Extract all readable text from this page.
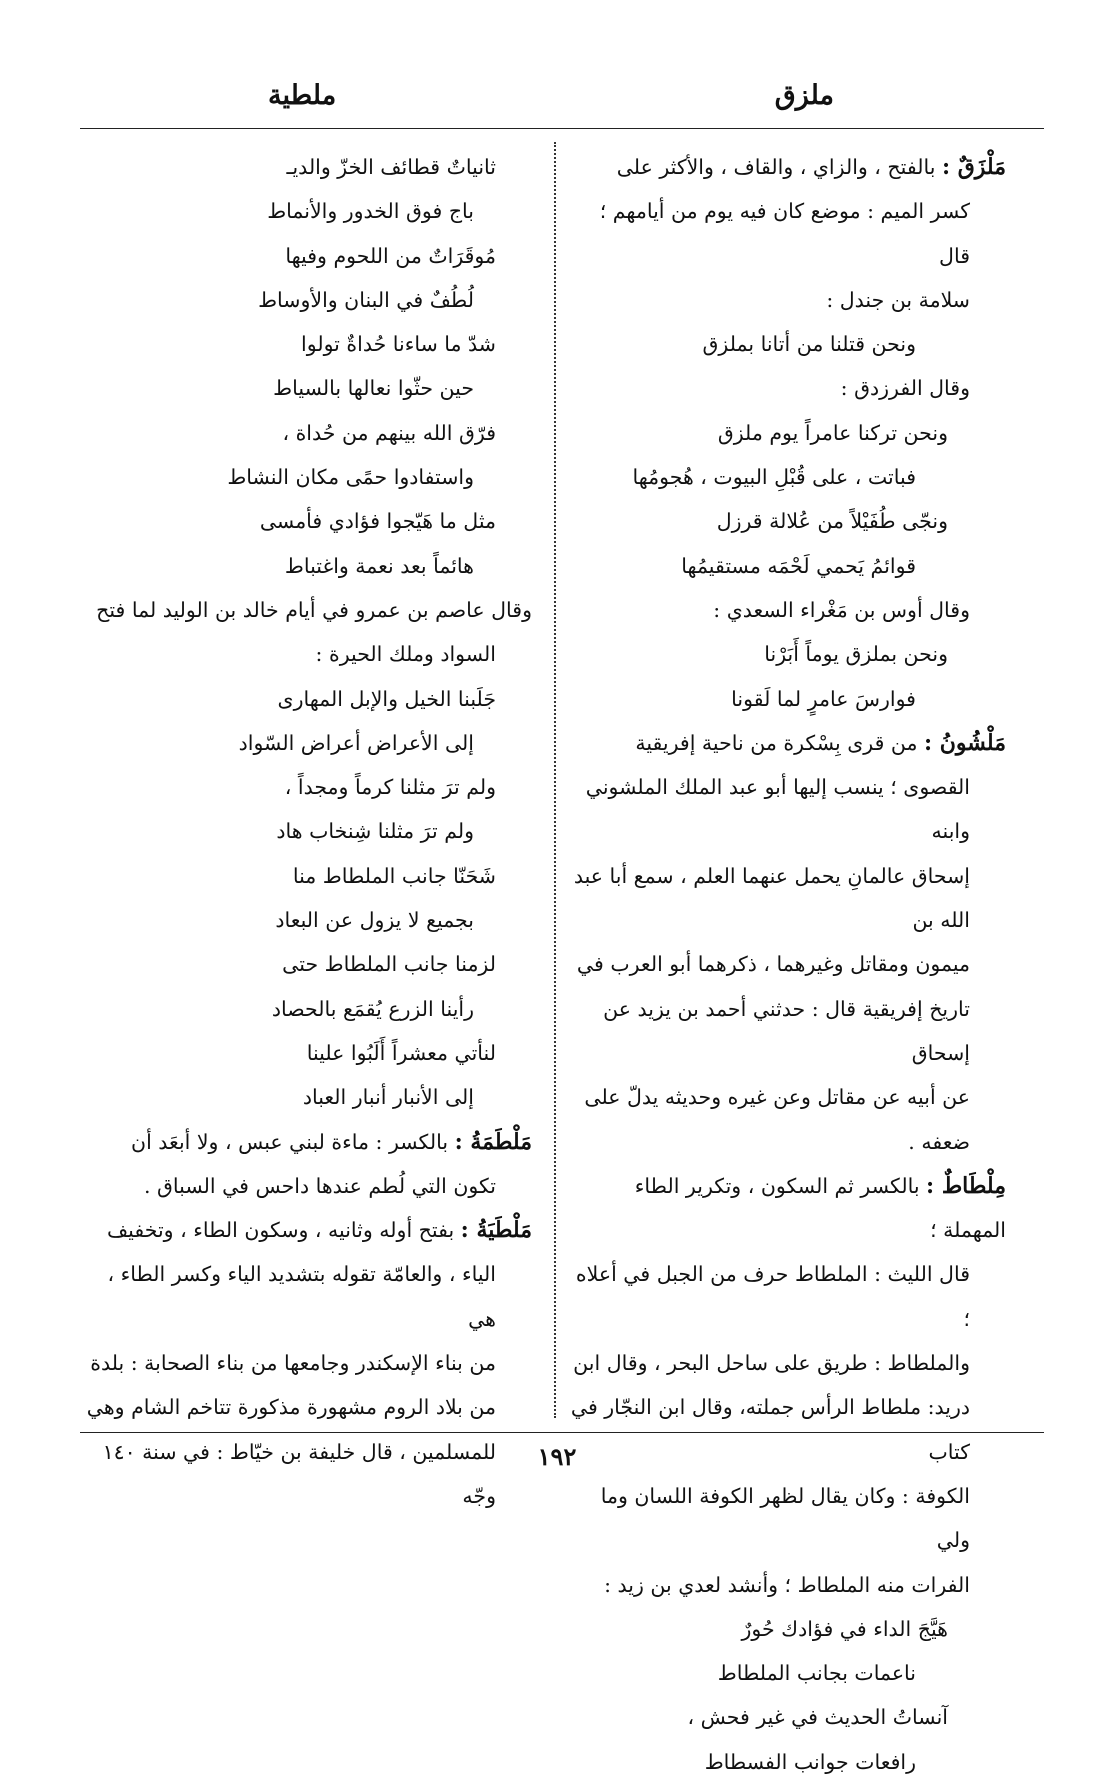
ملزق
ملطية

مَلْزَقٌ : بالفتح ، والزاي ، والقاف ، والأكثر على

كسر الميم : موضع كان فيه يوم من أيامهم ؛ قال

سلامة بن جندل :

ونحن قتلنا من أتانا بملزق

وقال الفرزدق :

ونحن تركنا عامراً يوم ملزق

فباتت ، على قُبْلِ البيوت ، هُجومُها

ونجّى طُفَيْلاً من عُلالة قرزل

قوائمُ يَحمي لَحْمَه مستقيمُها

وقال أوس بن مَغْراء السعدي :

ونحن بملزق يوماً أَبَرْنا

فوارسَ عامرٍ لما لَقونا

مَلْشُونُ : من قرى بِسْكرة من ناحية إفريقية

القصوى ؛ ينسب إليها أبو عبد الملك الملشوني وابنه

إسحاق عالمانِ يحمل عنهما العلم ، سمع أبا عبد الله بن

ميمون ومقاتل وغيرهما ، ذكرهما أبو العرب في

تاريخ إفريقية قال : حدثني أحمد بن يزيد عن إسحاق

عن أبيه عن مقاتل وعن غيره وحديثه يدلّ على

ضعفه .

مِلْطَاطٌ : بالكسر ثم السكون ، وتكرير الطاء المهملة ؛

قال الليث : الملطاط حرف من الجبل في أعلاه ؛

والملطاط : طريق على ساحل البحر ، وقال ابن

دريد: ملطاط الرأس جملته، وقال ابن النجّار في كتاب

الكوفة : وكان يقال لظهر الكوفة اللسان وما ولي

الفرات منه الملطاط ؛ وأنشد لعدي بن زيد :

هَيَّجَ الداء في فؤادك حُورٌ

ناعمات بجانب الملطاط

آنساتُ الحديث في غير فحش ،

رافعات جوانب الفسطاط

ثانياتٌ قطائف الخزّ والديـ

باج فوق الخدور والأنماط

مُوقَرَاتٌ من اللحوم وفيها

لُطُفٌ في البنان والأوساط

شدّ ما ساءنا حُداةٌ تولوا

حين حثّوا نعالها بالسياط

فرّق الله بينهم من حُداة ،

واستفادوا حمًى مكان النشاط

مثل ما هَيّجوا فؤادي فأمسى

هائماً بعد نعمة واغتباط

وقال عاصم بن عمرو في أيام خالد بن الوليد لما فتح

السواد وملك الحيرة :

جَلَبنا الخيل والإبل المهارى

إلى الأعراض أعراض السّواد

ولم ترَ مثلنا كرماً ومجداً ،

ولم ترَ مثلنا شِنخاب هاد

شَحَنّا جانب الملطاط منا

بجميع لا يزول عن البعاد

لزمنا جانب الملطاط حتى

رأينا الزرع يُقمَع بالحصاد

لنأتي معشراً أَلَبُوا علينا

إلى الأنبار أنبار العباد

مَلْطَمَةُ : بالكسر : ماءة لبني عبس ، ولا أبعَد أن

تكون التي لُطم عندها داحس في السباق .

مَلْطَيَةُ : بفتح أوله وثانيه ، وسكون الطاء ، وتخفيف

الياء ، والعامّة تقوله بتشديد الياء وكسر الطاء ، هي

من بناء الإسكندر وجامعها من بناء الصحابة : بلدة

من بلاد الروم مشهورة مذكورة تتاخم الشام وهي

للمسلمين ، قال خليفة بن خيّاط : في سنة ١٤٠ وجّه

١٩٢
